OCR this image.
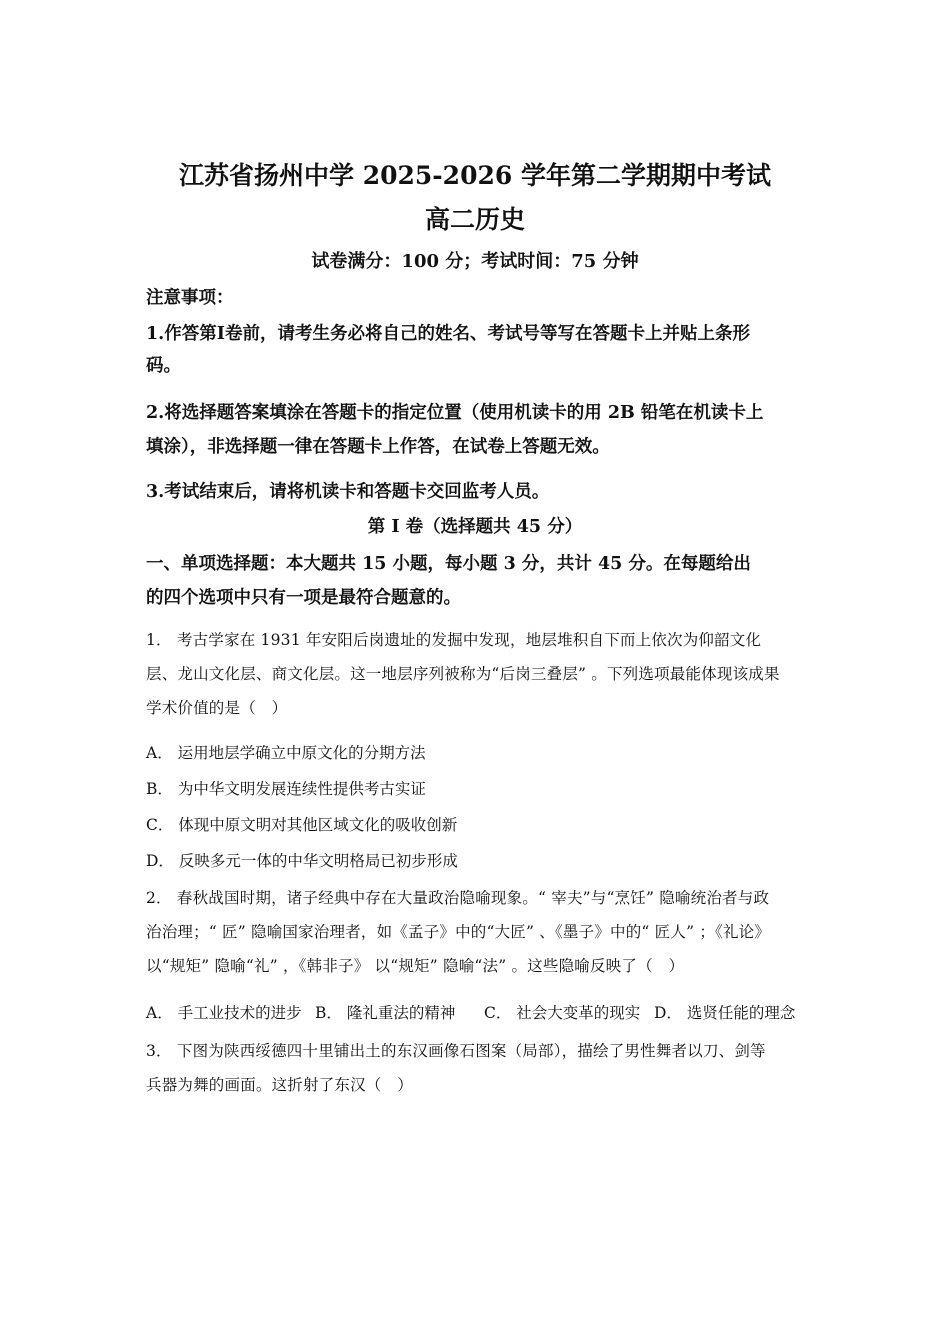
江苏省扬州中学 2025-2026 学年第二学期期中考试
高二历史
试卷满分：100 分；考试时间：75 分钟
注意事项：
1.作答第I卷前，请考生务必将自己的姓名、考试号等写在答题卡上并贴上条形
码。
2.将选择题答案填涂在答题卡的指定位置（使用机读卡的用 2B 铅笔在机读卡上
填涂），非选择题一律在答题卡上作答，在试卷上答题无效。
3.考试结束后，请将机读卡和答题卡交回监考人员。
第 I 卷（选择题共 45 分）
一、单项选择题：本大题共 15 小题，每小题 3 分，共计 45 分。在每题给出
的四个选项中只有一项是最符合题意的。
1． 考古学家在 1931 年安阳后岗遗址的发掘中发现，地层堆积自下而上依次为仰韶文化
层、龙山文化层、商文化层。这一地层序列被称为“后岗三叠层” 。下列选项最能体现该成果
学术价值的是（　）
A． 运用地层学确立中原文化的分期方法
B． 为中华文明发展连续性提供考古实证
C． 体现中原文明对其他区域文化的吸收创新
D． 反映多元一体的中华文明格局已初步形成
2． 春秋战国时期，诸子经典中存在大量政治隐喻现象。“ 宰夫”与“烹饪” 隐喻统治者与政
治治理；“ 匠” 隐喻国家治理者，如《孟子》中的“大匠” 、《墨子》中的“ 匠人” ；《礼论》
以“规矩” 隐喻“礼” ，《韩非子》 以“规矩” 隐喻“法” 。这些隐喻反映了（　）
A． 手工业技术的进步 B． 隆礼重法的精神 C． 社会大变革的现实 D． 选贤任能的理念
3． 下图为陕西绥德四十里铺出土的东汉画像石图案（局部），描绘了男性舞者以刀、剑等
兵器为舞的画面。这折射了东汉（　）
